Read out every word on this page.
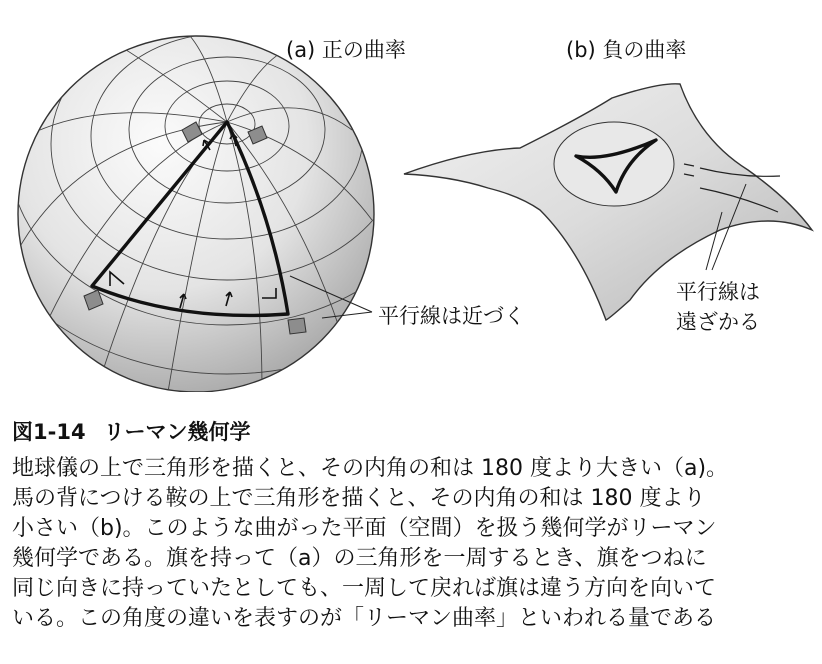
(a) 正の曲率	(b) 負の曲率
平行線は近づく
平行線は
遠ざかる
図1-14 リーマン幾何学

地球儀の上で三角形を描くと、その内角の和は 180 度より大きい（a)。

馬の背につける鞍の上で三角形を描くと、その内角の和は 180 度より

小さい（b)。このような曲がった平面（空間）を扱う幾何学がリーマン

幾何学である。旗を持って（a）の三角形を一周するとき、旗をつねに

同じ向きに持っていたとしても、一周して戻れば旗は違う方向を向いて

いる。この角度の違いを表すのが「リーマン曲率」といわれる量である
